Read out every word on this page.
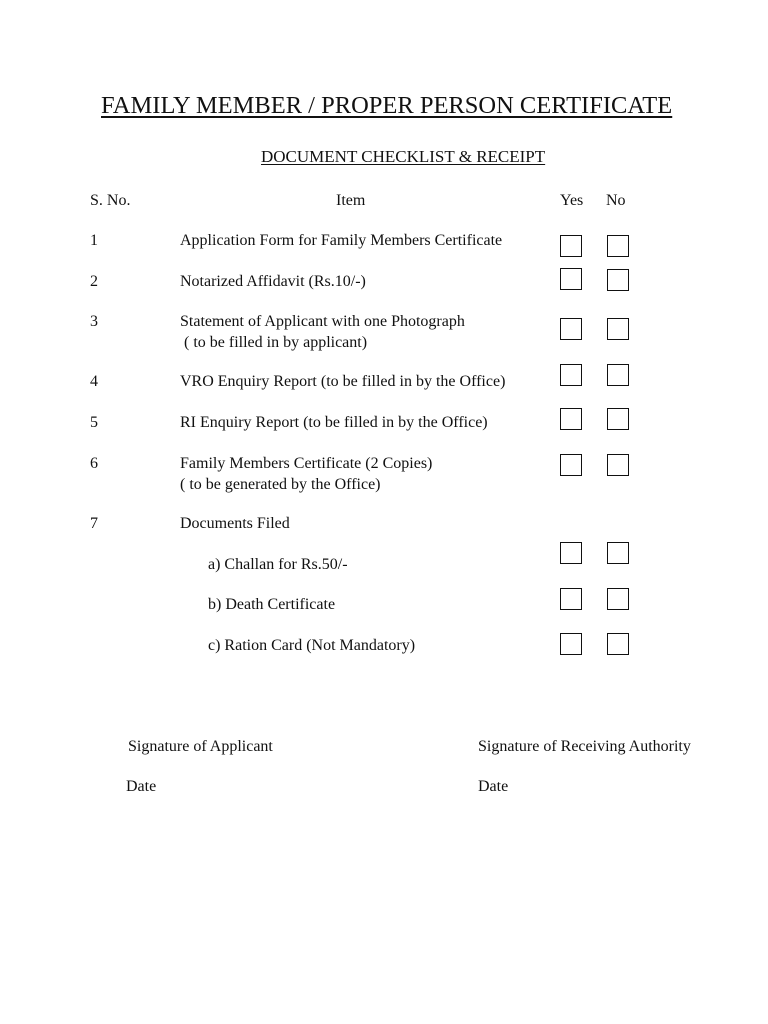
FAMILY MEMBER / PROPER PERSON CERTIFICATE
DOCUMENT CHECKLIST & RECEIPT
S. No.	Item	Yes No
1	Application Form for Family Members Certificate
2	Notarized Affidavit (Rs.10/-)
3	Statement of Applicant with one Photograph
( to be filled in by applicant)
4	VRO Enquiry Report (to be filled in by the Office)
5	RI Enquiry Report (to be filled in by the Office)
6	Family Members Certificate (2 Copies)
( to be generated by the Office)
7	Documents Filed
a) Challan for Rs.50/-
b) Death Certificate
c) Ration Card (Not Mandatory)
Signature of Applicant	Signature of Receiving Authority
Date	Date
